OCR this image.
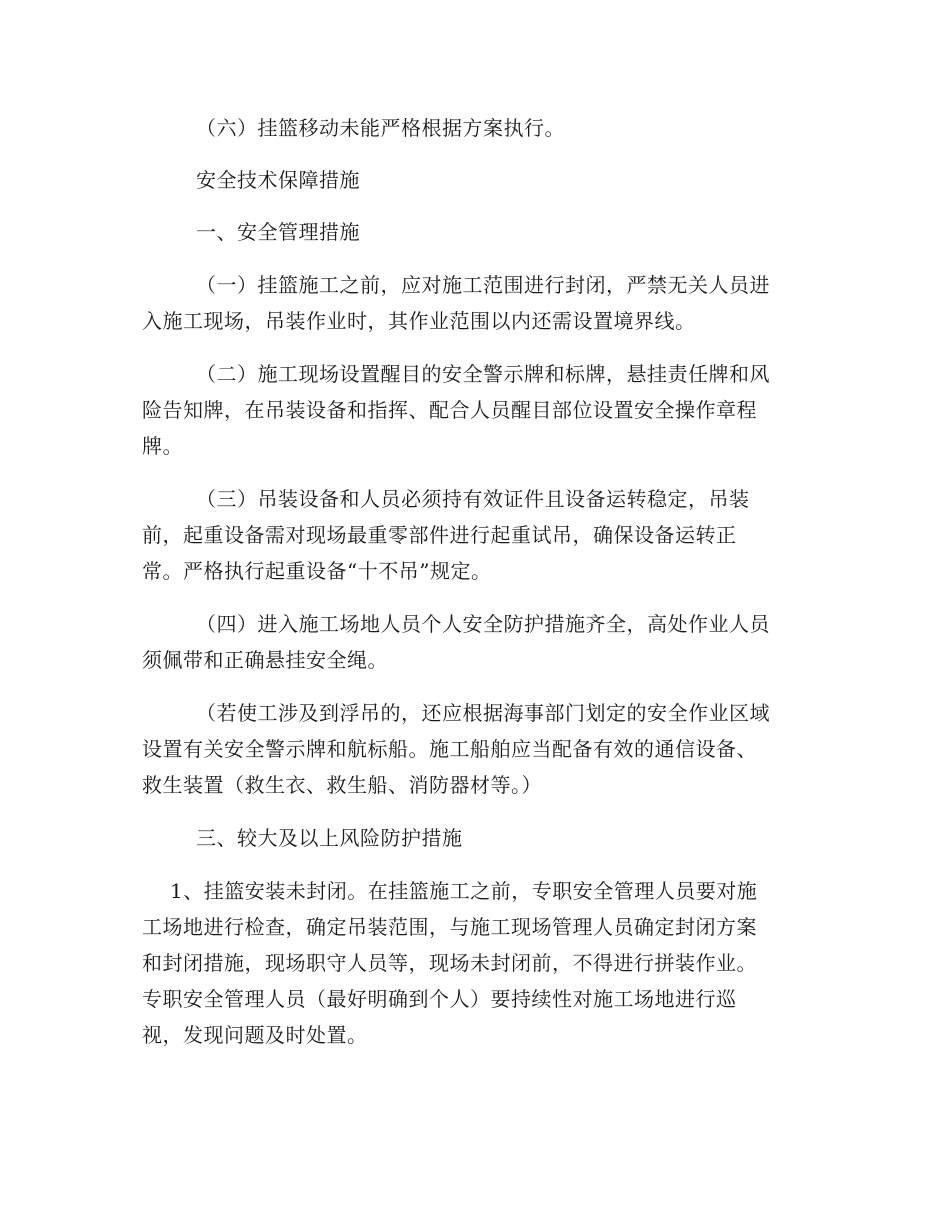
（六）挂篮移动未能严格根据方案执行。
安全技术保障措施
一、安全管理措施
（一）挂篮施工之前，应对施工范围进行封闭，严禁无关人员进
入施工现场，吊装作业时，其作业范围以内还需设置境界线。
（二）施工现场设置醒目的安全警示牌和标牌，悬挂责任牌和风
险告知牌，在吊装设备和指挥、配合人员醒目部位设置安全操作章程
牌。
（三）吊装设备和人员必须持有效证件且设备运转稳定，吊装
前，起重设备需对现场最重零部件进行起重试吊，确保设备运转正
常。严格执行起重设备“十不吊”规定。
（四）进入施工场地人员个人安全防护措施齐全，高处作业人员
须佩带和正确悬挂安全绳。
（若使工涉及到浮吊的，还应根据海事部门划定的安全作业区域
设置有关安全警示牌和航标船。施工船舶应当配备有效的通信设备、
救生装置（救生衣、救生船、消防器材等。）
三、较大及以上风险防护措施
1、挂篮安装未封闭。在挂篮施工之前，专职安全管理人员要对施
工场地进行检查，确定吊装范围，与施工现场管理人员确定封闭方案
和封闭措施，现场职守人员等，现场未封闭前，不得进行拼装作业。
专职安全管理人员（最好明确到个人）要持续性对施工场地进行巡
视，发现问题及时处置。
